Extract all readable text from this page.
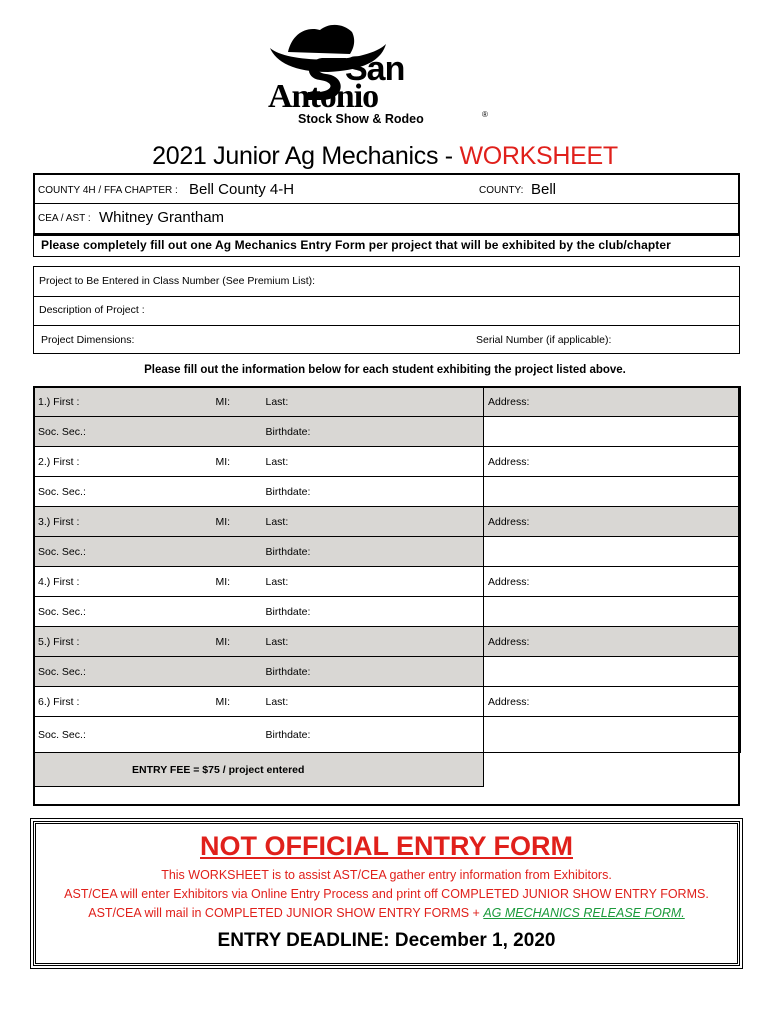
San
Antonio
Stock Show & Rodeo	®
2021 Junior Ag Mechanics - WORKSHEET
COUNTY 4H / FFA CHAPTER : Bell County 4-H	COUNTY: Bell
CEA / AST : Whitney Grantham
Please completely fill out one Ag Mechanics Entry Form per project that will be exhibited by the club/chapter
Project to Be Entered in Class Number (See Premium List):
Description of Project :
Project Dimensions:	Serial Number (if applicable):
Please fill out the information below for each student exhibiting the project listed above.
1.) First :	MI:	Last:	Address:
Soc. Sec.:		Birthdate:	
2.) First :	MI:	Last:	Address:
Soc. Sec.:		Birthdate:	
3.) First :	MI:	Last:	Address:
Soc. Sec.:		Birthdate:	
4.) First :	MI:	Last:	Address:
Soc. Sec.:		Birthdate:	
5.) First :	MI:	Last:	Address:
Soc. Sec.:		Birthdate:	
6.) First :	MI:	Last:	Address:
Soc. Sec.:		Birthdate:	
ENTRY FEE = $75 / project entered			
NOT OFFICIAL ENTRY FORM
This WORKSHEET is to assist AST/CEA gather entry information from Exhibitors.
AST/CEA will enter Exhibitors via Online Entry Process and print off COMPLETED JUNIOR SHOW ENTRY FORMS.
AST/CEA will mail in COMPLETED JUNIOR SHOW ENTRY FORMS + AG MECHANICS RELEASE FORM.
ENTRY DEADLINE: December 1, 2020
